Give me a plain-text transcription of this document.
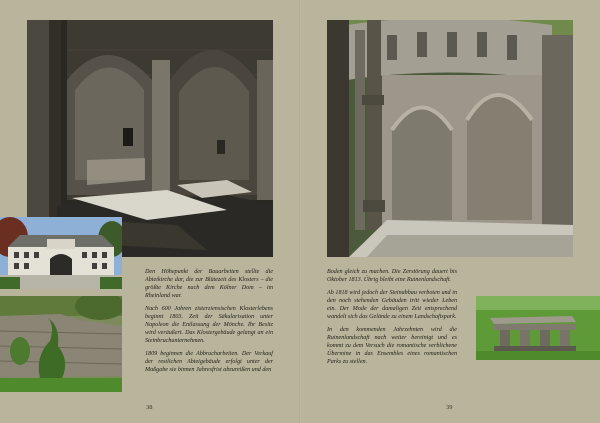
Den Höhepunkt der Bauarbeiten stellte die Abteikirche dar, die zur Blütezeit des Klosters – die größte Kirche nach dem Kölner Dom – im Rheinland war.

Nach 600 Jahren zisterziensischen Klosterlebens beginnt 1803. Zeit der Säkularisation unter Napoleon die Entlassung der Mönche. Ihr Besitz wird veräußert. Das Klostergebäude gelangt an ein Steinbruchunternehmen.

1809 beginnen die Abbrucharbeiten. Der Verkauf der restlichen Abteigebäude erfolgt unter der Maßgabe sie binnen Jahresfrist abzureißen und den

38

Boden gleich zu machen. Die Zerstörung dauert bis Oktober 1813. Übrig bleibt eine Ruinenlandschaft.

Ab 1818 wird jedoch der Steinabbau verboten und in den noch stehenden Gebäuden tritt wieder Leben ein. Der Mode der damaligen Zeit entsprechend wandelt sich das Gelände zu einem Landschaftspark.

In den kommenden Jahrzehnten wird die Ruinenlandschaft nach weiter bereinigt und es kommt zu dem Versuch die romantische verblichene Übermine in das Ensembles eines romantischen Parks zu stellen.

39
